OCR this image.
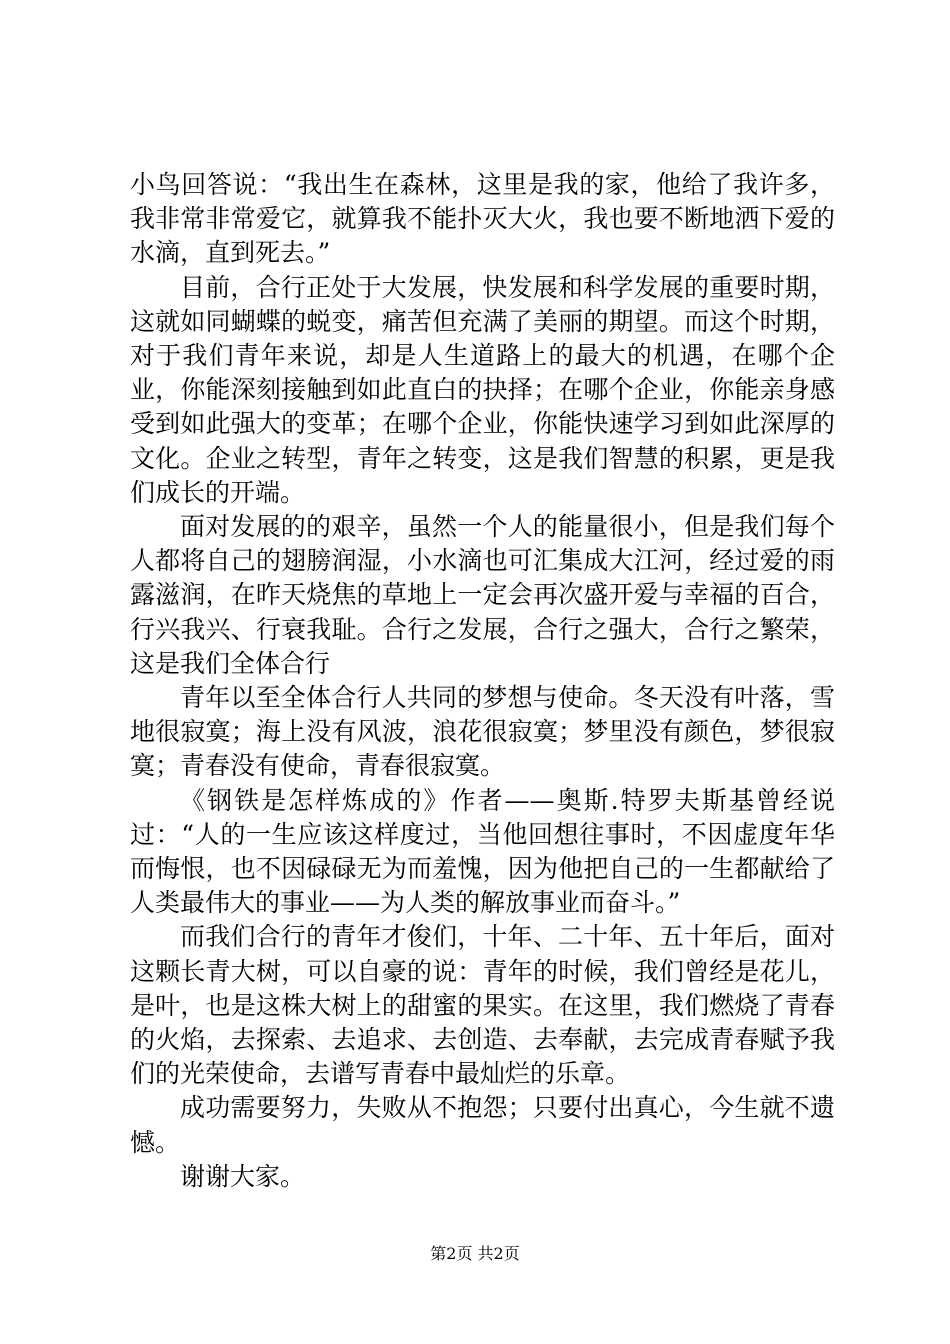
小鸟回答说：“我出生在森林，这里是我的家，他给了我许多，我非常非常爱它，就算我不能扑灭大火，我也要不断地洒下爱的水滴，直到死去。”

目前，合行正处于大发展，快发展和科学发展的重要时期，这就如同蝴蝶的蜕变，痛苦但充满了美丽的期望。而这个时期，对于我们青年来说，却是人生道路上的最大的机遇，在哪个企业，你能深刻接触到如此直白的抉择；在哪个企业，你能亲身感受到如此强大的变革；在哪个企业，你能快速学习到如此深厚的文化。企业之转型，青年之转变，这是我们智慧的积累，更是我们成长的开端。

面对发展的的艰辛，虽然一个人的能量很小，但是我们每个人都将自己的翅膀润湿，小水滴也可汇集成大江河，经过爱的雨露滋润，在昨天烧焦的草地上一定会再次盛开爱与幸福的百合，行兴我兴、行衰我耻。合行之发展，合行之强大，合行之繁荣，这是我们全体合行

青年以至全体合行人共同的梦想与使命。冬天没有叶落，雪地很寂寞；海上没有风波，浪花很寂寞；梦里没有颜色，梦很寂寞；青春没有使命，青春很寂寞。

《钢铁是怎样炼成的》作者——奥斯.特罗夫斯基曾经说过：“人的一生应该这样度过，当他回想往事时，不因虚度年华而悔恨，也不因碌碌无为而羞愧，因为他把自己的一生都献给了人类最伟大的事业——为人类的解放事业而奋斗。”

而我们合行的青年才俊们，十年、二十年、五十年后，面对这颗长青大树，可以自豪的说：青年的时候，我们曾经是花儿，是叶，也是这株大树上的甜蜜的果实。在这里，我们燃烧了青春的火焰，去探索、去追求、去创造、去奉献，去完成青春赋予我们的光荣使命，去谱写青春中最灿烂的乐章。

成功需要努力，失败从不抱怨；只要付出真心，今生就不遗憾。

谢谢大家。

第2页 共2页
